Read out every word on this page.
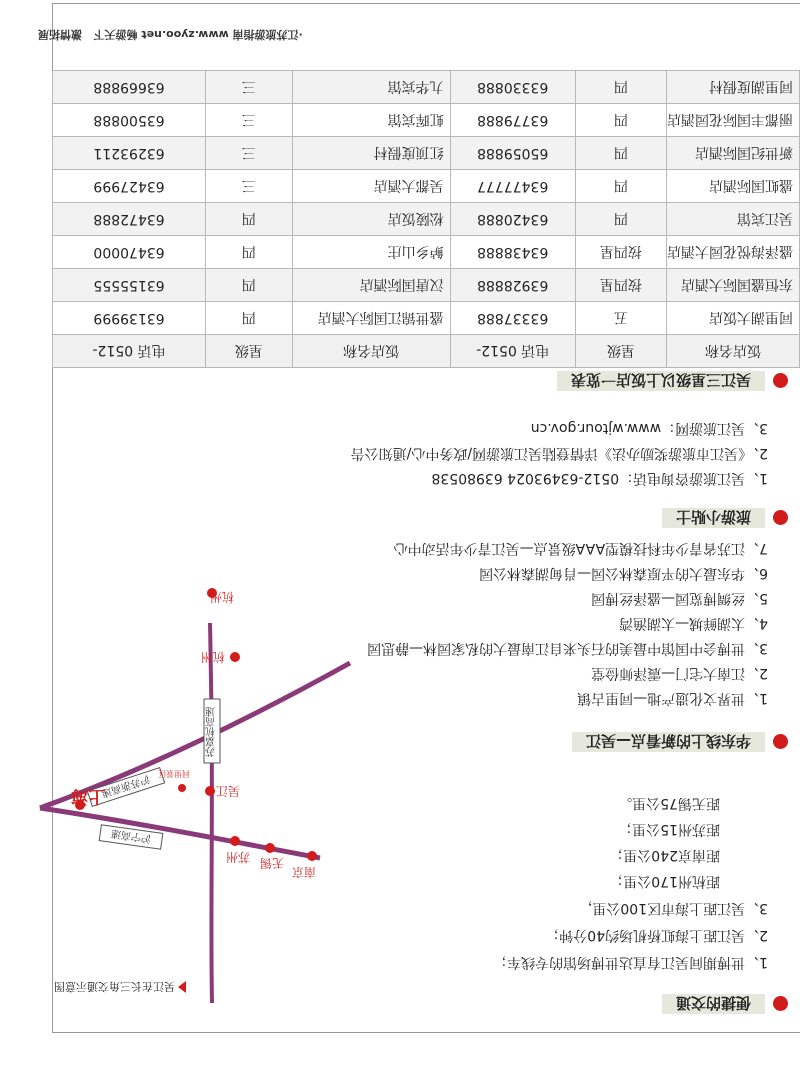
便捷的交通
1、世博期间吴江有直达世博场馆的专线车；
2、吴江距上海虹桥机场约40分钟；
3、吴江距上海市区100公里，
距杭州170公里；
距南京240公里；
距苏州15公里；
距无锡75公里。
沪宁高速
沪苏浙高速
苏嘉杭高速
南京
无锡
苏州
吴江
同里景区
上海
杭州
吴江在长三角交通示意图
杭州
华东线上的新看点—吴江
1、世界文化遗产地—同里古镇
2、江南大宅门—震泽师俭堂
3、世博会中国馆中最美的石头来自江南最大的私家园林—静思园
4、太湖鲜城—太湖渔湾
5、丝绸博览园—盛泽丝博园
6、华东最大的平原森林公园—肖甸湖森林公园
7、江苏省青少年科技模型AAA级景点—吴江青少年活动中心
旅游小贴士
1、吴江旅游咨询电话：0512-63493024 63980538
2、《吴江市旅游奖励办法》详情登陆吴江旅游网/政务中心/通知公告
3、吴江旅游网：www.wjtour.gov.cn
吴江三星级以上饭店一览表
饭店名称	星级	电话 0512-	饭店名称	星级	电话 0512-
同里湖大饭店	五	63337888	盛世锦江国际大酒店	四	63139999
东恒盛国际大酒店	按四星	63928888	汉唐国际酒店	四	63155555
盛泽海悦花园大酒店	按四星	63438888	鲈乡山庄	四	63470000
吴江宾馆	四	63420888	松陵饭店	四	63472888
盛虹国际酒店	四	63477777	吴都大酒店	三	63427999
新世纪国际酒店	四	65059888	红顶度假村	三	63293211
丽都丰国际花园酒店	四	63779888	虹晖宾馆	三	63500888
同里湖度假村	四	63330888	九华宾馆	三	63669888
·江苏旅游指南 www.zyoo.net 畅游天下   激情拓展
